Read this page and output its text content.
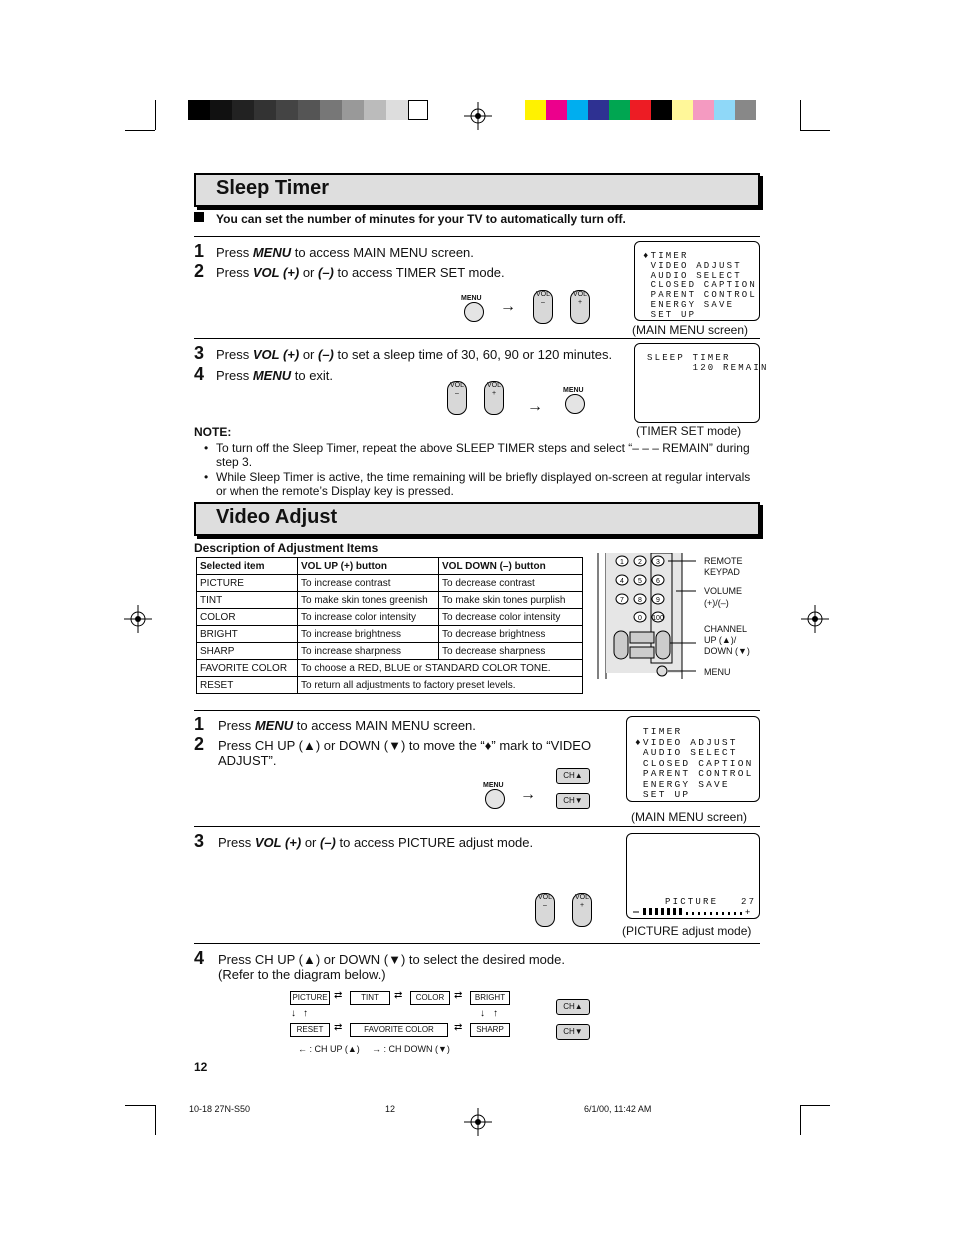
Sleep Timer
You can set the number of minutes for your TV to automatically turn off.
1 Press MENU to access MAIN MENU screen.
2 Press VOL (+) or (–) to access TIMER SET mode.
MENU →
VOL
–
VOL
+
♦TIMER
VIDEO ADJUST
AUDIO SELECT
CLOSED CAPTION
PARENT CONTROL
ENERGY SAVE
SET UP
(MAIN MENU screen)
3 Press VOL (+) or (–) to set a sleep time of 30, 60, 90 or 120 minutes.
4 Press MENU to exit.
VOL
–
VOL
+
→
MENU
SLEEP TIMER
120 REMAIN
(TIMER SET mode)
NOTE:
• To turn off the Sleep Timer, repeat the above SLEEP TIMER steps and select “– – – REMAIN” during step 3.
• While Sleep Timer is active, the time remaining will be briefly displayed on-screen at regular intervals or when the remote’s Display key is pressed.
Video Adjust
Description of Adjustment Items
Selected item	VOL UP (+) button	VOL DOWN (–) button
PICTURE	To increase contrast	To decrease contrast
TINT	To make skin tones greenish	To make skin tones purplish
COLOR	To increase color intensity	To decrease color intensity
BRIGHT	To increase brightness	To decrease brightness
SHARP	To increase sharpness	To decrease sharpness
FAVORITE COLOR	To choose a RED, BLUE or STANDARD COLOR TONE.	
RESET	To return all adjustments to factory preset levels.	
1 2 3
4 5 6
7 8 9
0 100
REMOTE
KEYPAD
VOLUME
(+)/(–)
CHANNEL
UP (▲)/
DOWN (▼)
MENU
1 Press MENU to access MAIN MENU screen.
2 Press CH UP (▲) or DOWN (▼) to move the “♦” mark to “VIDEO ADJUST”.
MENU
→
CH▲
CH▼
TIMER
♦VIDEO ADJUST
AUDIO SELECT
CLOSED CAPTION
PARENT CONTROL
ENERGY SAVE
SET UP
(MAIN MENU screen)
3 Press VOL (+) or (–) to access PICTURE adjust mode.
VOL
–
VOL
+	PICTURE   27
+
(PICTURE adjust mode)
4 Press CH UP (▲) or DOWN (▼) to select the desired mode. (Refer to the diagram below.)
PICTURE	TINT	COLOR	BRIGHT
RESET	FAVORITE COLOR	SHARP
⇄	⇄	⇄
⇄	⇄
↓ ↑	↓ ↑
← : CH UP (▲) → : CH DOWN (▼)
CH▲
CH▼
12
10-18 27N-S50	12	6/1/00, 11:42 AM
